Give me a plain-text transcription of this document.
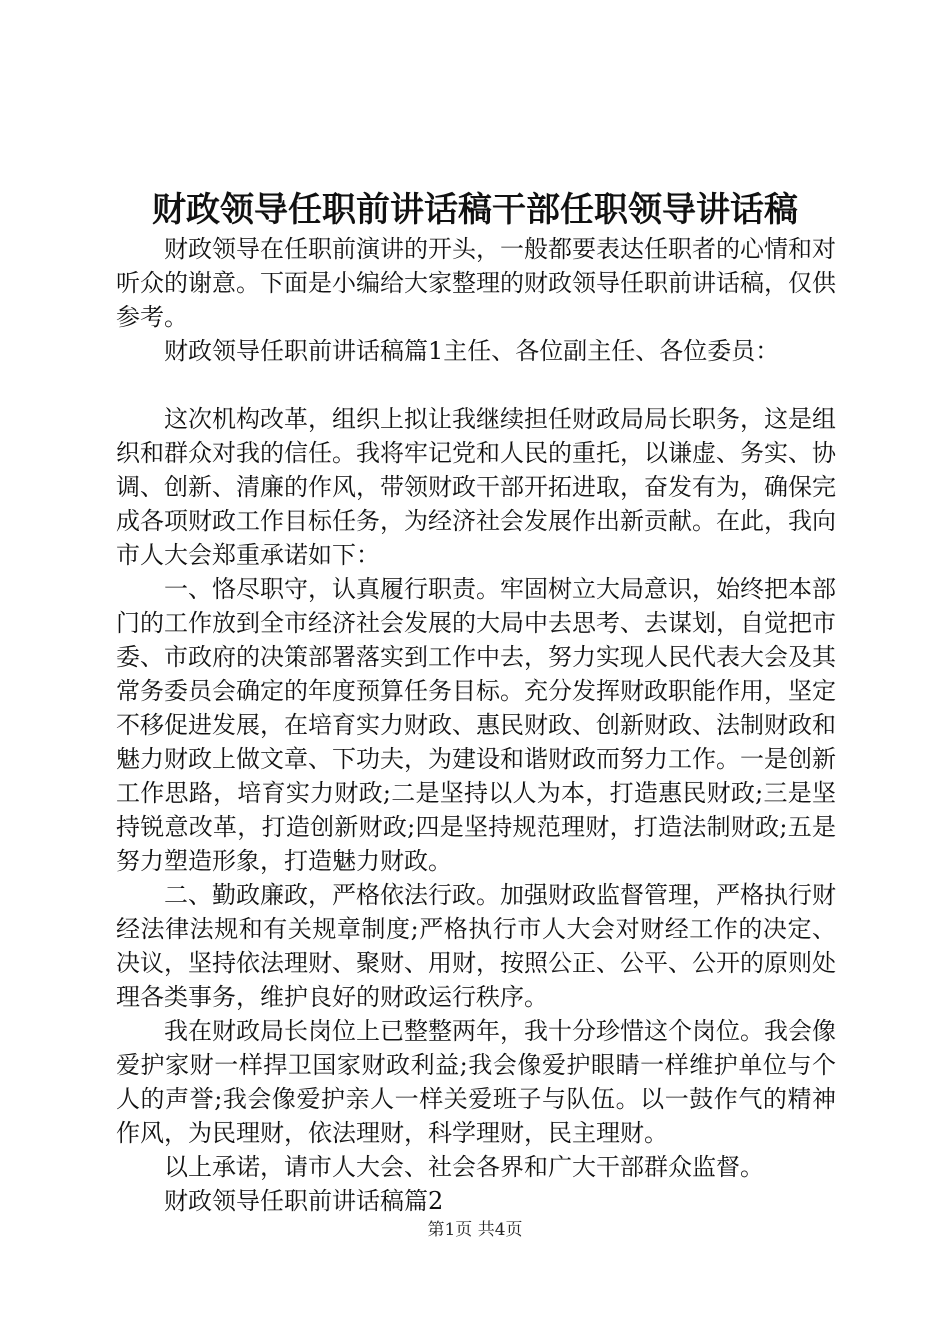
财政领导任职前讲话稿干部任职领导讲话稿

财政领导在任职前演讲的开头，一般都要表达任职者的心情和对听众的谢意。下面是小编给大家整理的财政领导任职前讲话稿，仅供参考。

财政领导任职前讲话稿篇1主任、各位副主任、各位委员：

这次机构改革，组织上拟让我继续担任财政局局长职务，这是组织和群众对我的信任。我将牢记党和人民的重托，以谦虚、务实、协调、创新、清廉的作风，带领财政干部开拓进取，奋发有为，确保完成各项财政工作目标任务，为经济社会发展作出新贡献。在此，我向市人大会郑重承诺如下：

一、恪尽职守，认真履行职责。牢固树立大局意识，始终把本部门的工作放到全市经济社会发展的大局中去思考、去谋划，自觉把市委、市政府的决策部署落实到工作中去，努力实现人民代表大会及其常务委员会确定的年度预算任务目标。充分发挥财政职能作用，坚定不移促进发展，在培育实力财政、惠民财政、创新财政、法制财政和魅力财政上做文章、下功夫，为建设和谐财政而努力工作。一是创新工作思路，培育实力财政;二是坚持以人为本，打造惠民财政;三是坚持锐意改革，打造创新财政;四是坚持规范理财，打造法制财政;五是努力塑造形象，打造魅力财政。

二、勤政廉政，严格依法行政。加强财政监督管理，严格执行财经法律法规和有关规章制度;严格执行市人大会对财经工作的决定、决议，坚持依法理财、聚财、用财，按照公正、公平、公开的原则处理各类事务，维护良好的财政运行秩序。

我在财政局长岗位上已整整两年，我十分珍惜这个岗位。我会像爱护家财一样捍卫国家财政利益;我会像爱护眼睛一样维护单位与个人的声誉;我会像爱护亲人一样关爱班子与队伍。以一鼓作气的精神作风，为民理财，依法理财，科学理财，民主理财。

以上承诺，请市人大会、社会各界和广大干部群众监督。

财政领导任职前讲话稿篇2

第1页 共4页
